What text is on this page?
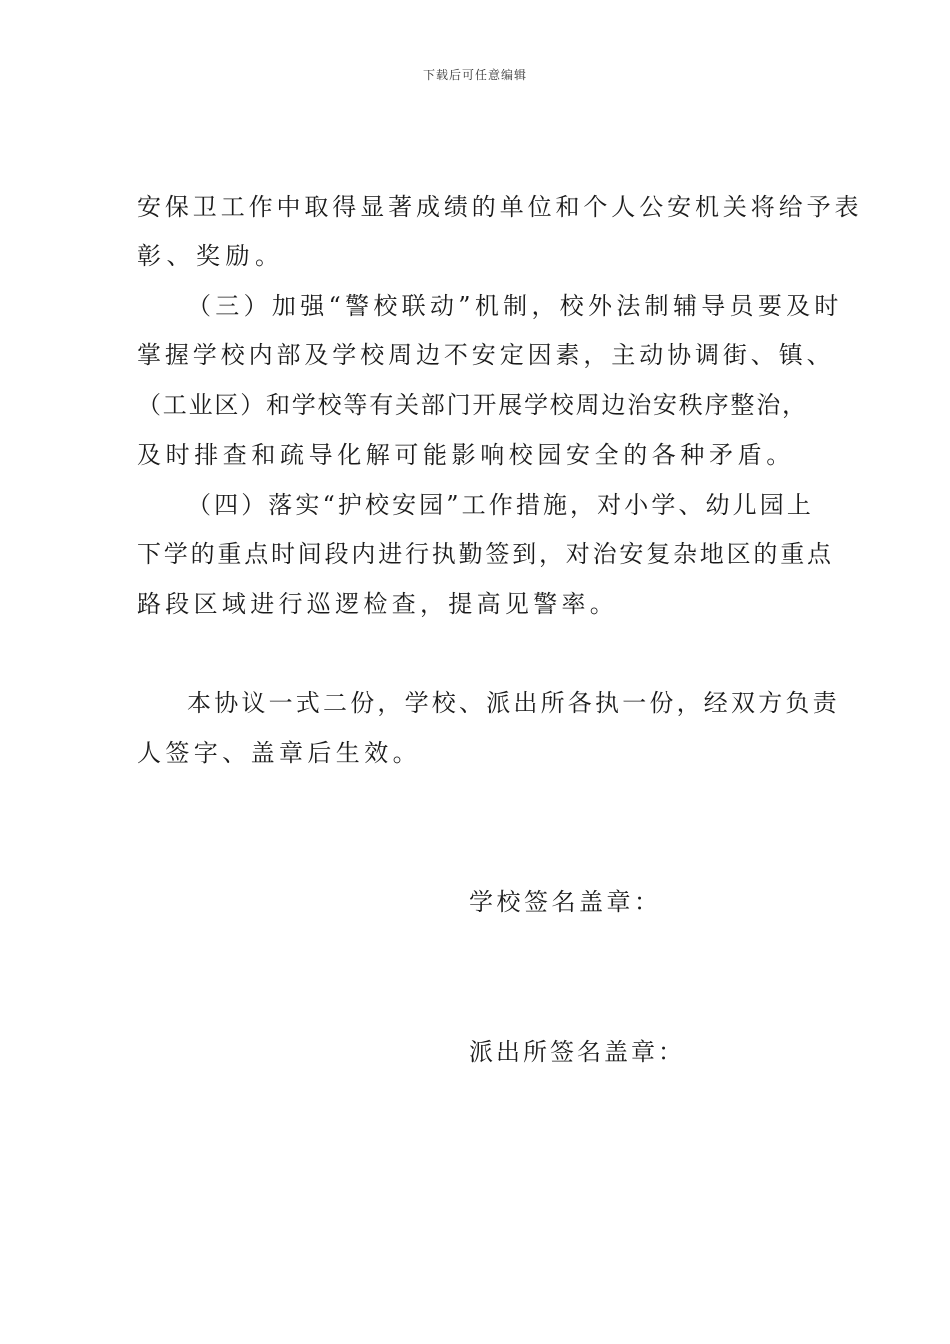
下载后可任意编辑
安保卫工作中取得显著成绩的单位和个人公安机关将给予表
彰、奖励。
（三）加强“警校联动”机制，校外法制辅导员要及时
掌握学校内部及学校周边不安定因素，主动协调街、镇、
（工业区）和学校等有关部门开展学校周边治安秩序整治，
及时排查和疏导化解可能影响校园安全的各种矛盾。
（四）落实“护校安园”工作措施，对小学、幼儿园上
下学的重点时间段内进行执勤签到，对治安复杂地区的重点
路段区域进行巡逻检查，提高见警率。
本协议一式二份，学校、派出所各执一份，经双方负责
人签字、盖章后生效。
学校签名盖章：
派出所签名盖章：
